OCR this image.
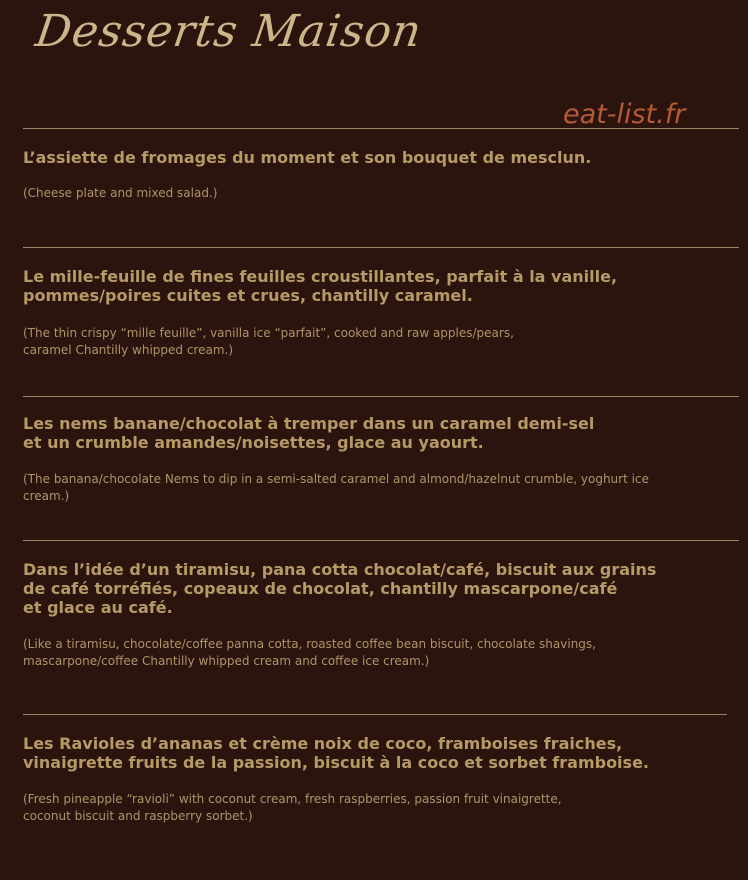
Desserts Maison
eat-list.fr

L’assiette de fromages du moment et son bouquet de mesclun.

(Cheese plate and mixed salad.)

Le mille-feuille de fines feuilles croustillantes, parfait à la vanille,
pommes/poires cuites et crues, chantilly caramel.

(The thin crispy “mille feuille”, vanilla ice “parfait”, cooked and raw apples/pears,
caramel Chantilly whipped cream.)

Les nems banane/chocolat à tremper dans un caramel demi-sel
et un crumble amandes/noisettes, glace au yaourt.

(The banana/chocolate Nems to dip in a semi-salted caramel and almond/hazelnut crumble, yoghurt ice
cream.)

Dans l’idée d’un tiramisu, pana cotta chocolat/café, biscuit aux grains
de café torréfiés, copeaux de chocolat, chantilly mascarpone/café
et glace au café.

(Like a tiramisu, chocolate/coffee panna cotta, roasted coffee bean biscuit, chocolate shavings,
mascarpone/coffee Chantilly whipped cream and coffee ice cream.)

Les Ravioles d’ananas et crème noix de coco, framboises fraiches,
vinaigrette fruits de la passion, biscuit à la coco et sorbet framboise.

(Fresh pineapple “ravioli” with coconut cream, fresh raspberries, passion fruit vinaigrette,
coconut biscuit and raspberry sorbet.)
